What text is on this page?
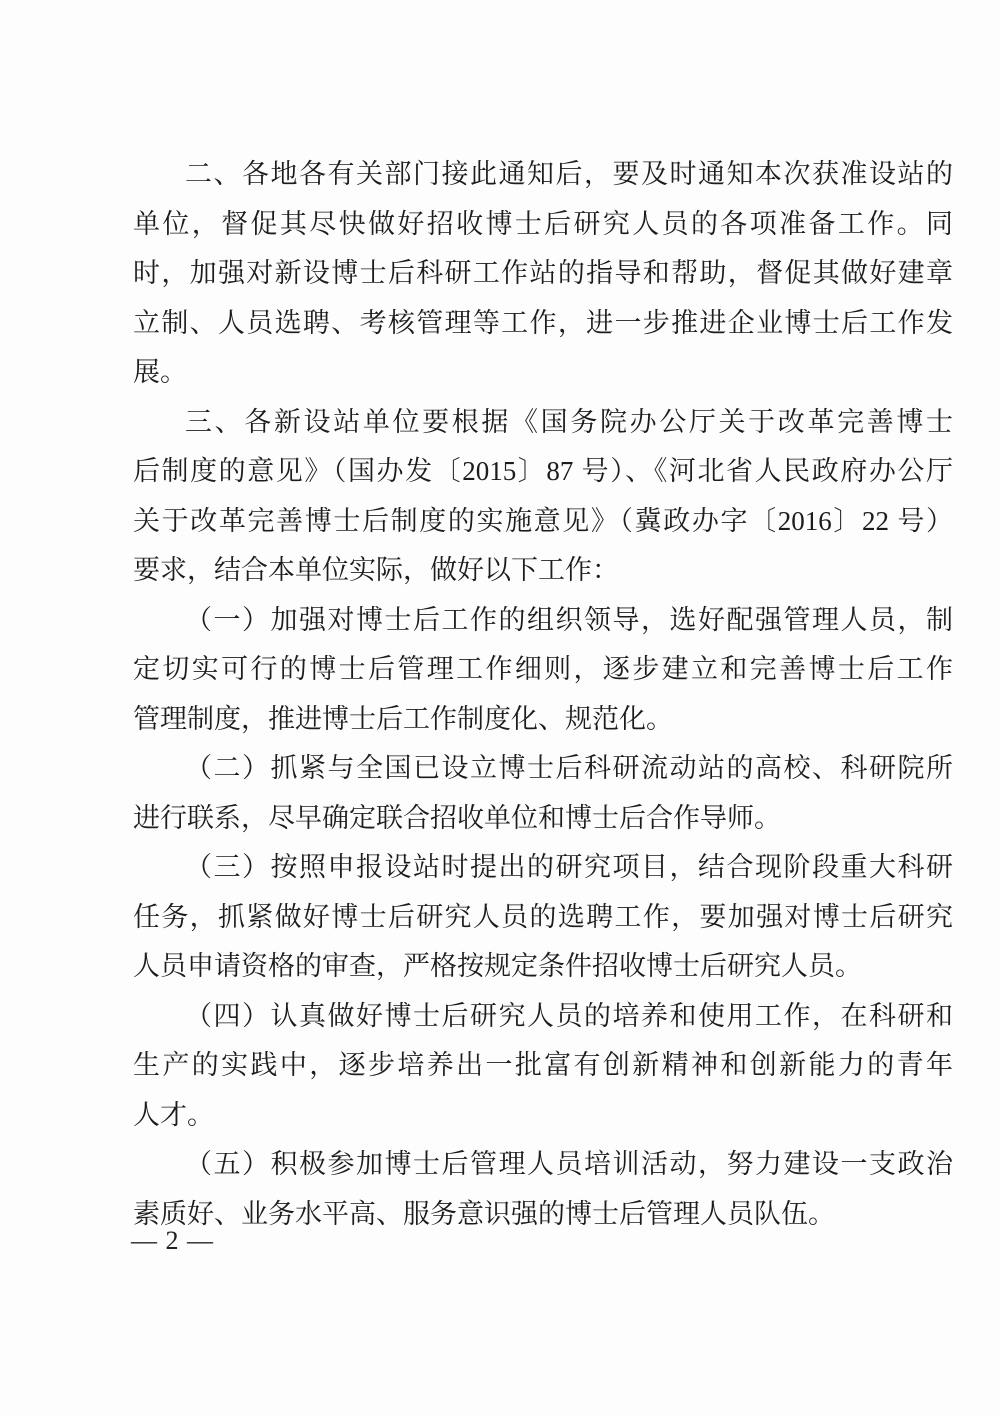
二、各地各有关部门接此通知后，要及时通知本次获准设站的
单位，督促其尽快做好招收博士后研究人员的各项准备工作。同
时，加强对新设博士后科研工作站的指导和帮助，督促其做好建章
立制、人员选聘、考核管理等工作，进一步推进企业博士后工作发
展。
三、各新设站单位要根据《国务院办公厅关于改革完善博士
后制度的意见》（国办发〔2015〕87 号）、《河北省人民政府办公厅
关于改革完善博士后制度的实施意见》（冀政办字〔2016〕22 号）
要求，结合本单位实际，做好以下工作：
（一）加强对博士后工作的组织领导，选好配强管理人员，制
定切实可行的博士后管理工作细则，逐步建立和完善博士后工作
管理制度，推进博士后工作制度化、规范化。
（二）抓紧与全国已设立博士后科研流动站的高校、科研院所
进行联系，尽早确定联合招收单位和博士后合作导师。
（三）按照申报设站时提出的研究项目，结合现阶段重大科研
任务，抓紧做好博士后研究人员的选聘工作，要加强对博士后研究
人员申请资格的审查，严格按规定条件招收博士后研究人员。
（四）认真做好博士后研究人员的培养和使用工作，在科研和
生产的实践中，逐步培养出一批富有创新精神和创新能力的青年
人才。
（五）积极参加博士后管理人员培训活动，努力建设一支政治
素质好、业务水平高、服务意识强的博士后管理人员队伍。
— 2 —
